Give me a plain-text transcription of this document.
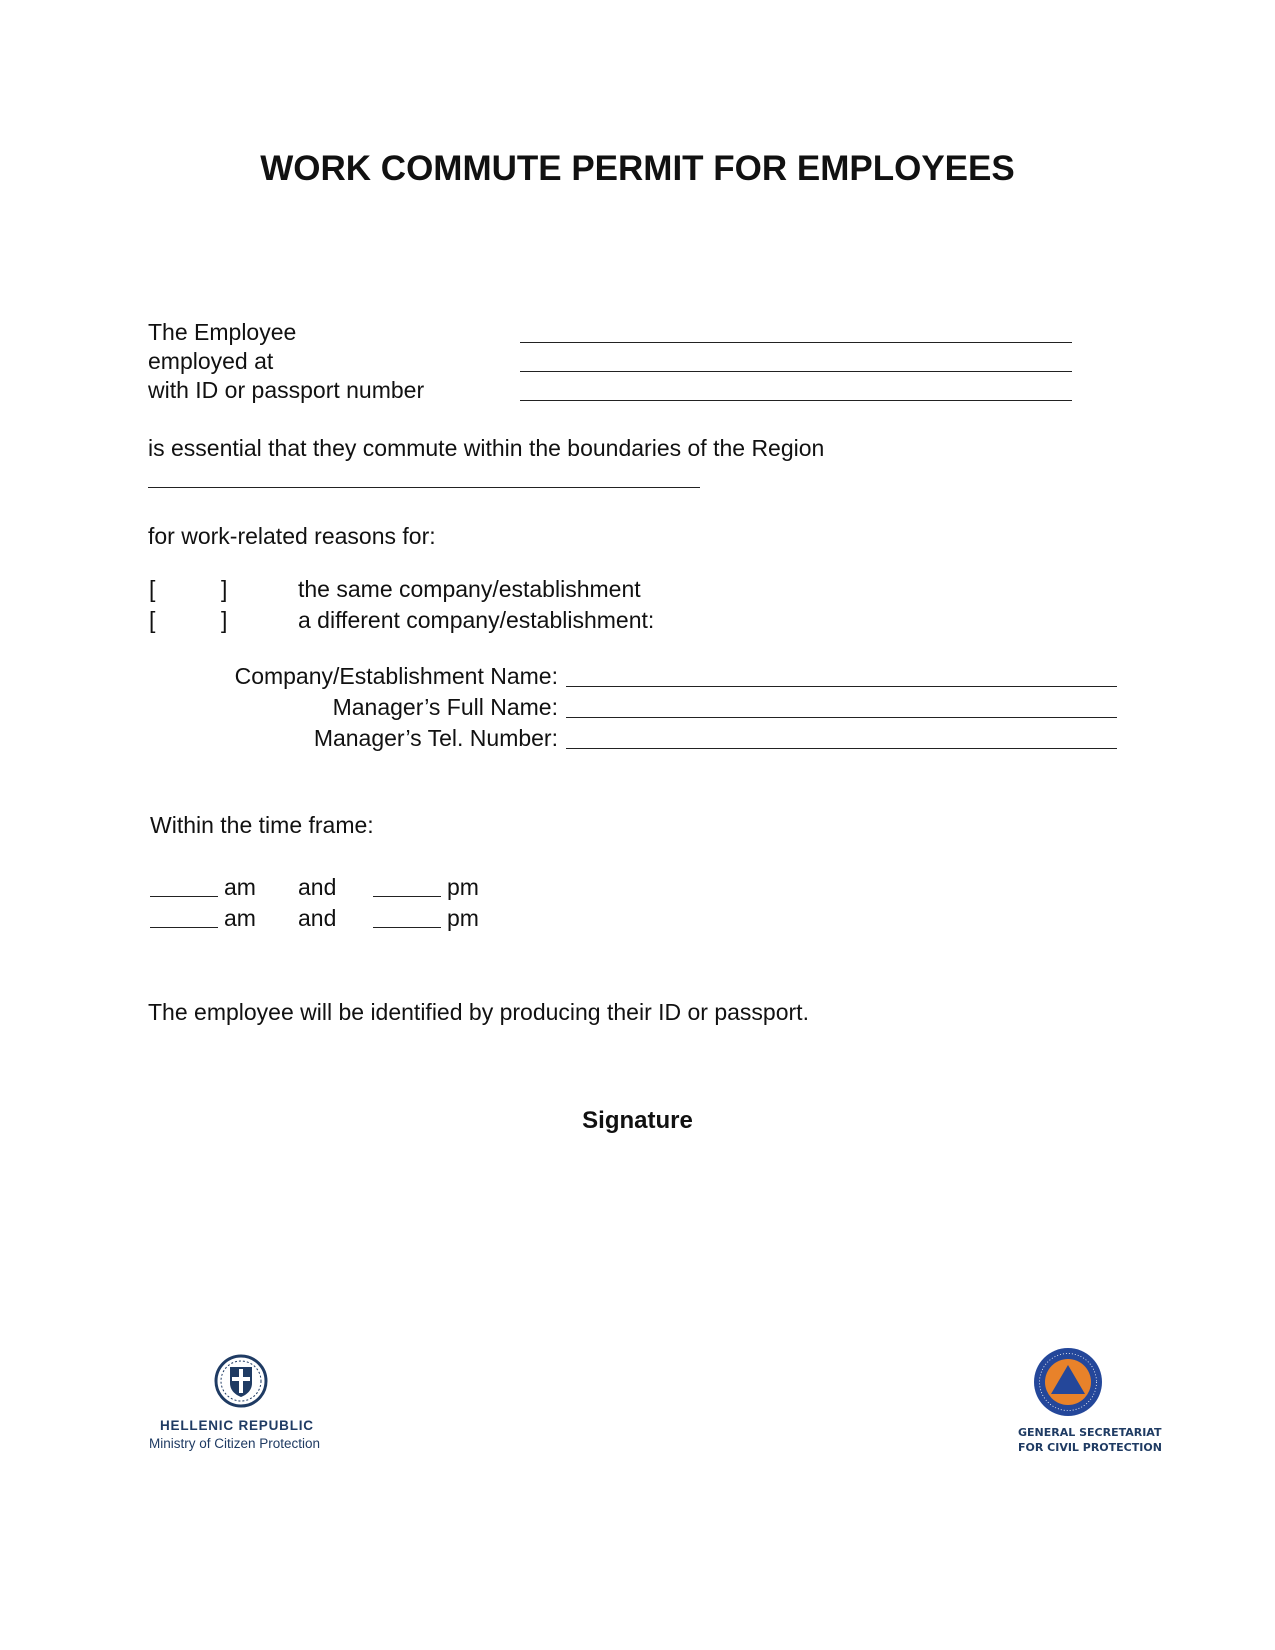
WORK COMMUTE PERMIT FOR EMPLOYEES
The Employee
employed at
with ID or passport number
is essential that they commute within the boundaries of the Region
for work-related reasons for:
[	]	the same company/establishment
[	]	a different company/establishment:
Company/Establishment Name:
Manager’s Full Name:
Manager’s Tel. Number:
Within the time frame:
am and	pm
am and	pm
The employee will be identified by producing their ID or passport.
Signature
HELLENIC REPUBLIC
Ministry of Citizen Protection
GENERAL SECRETARIAT
FOR CIVIL PROTECTION
